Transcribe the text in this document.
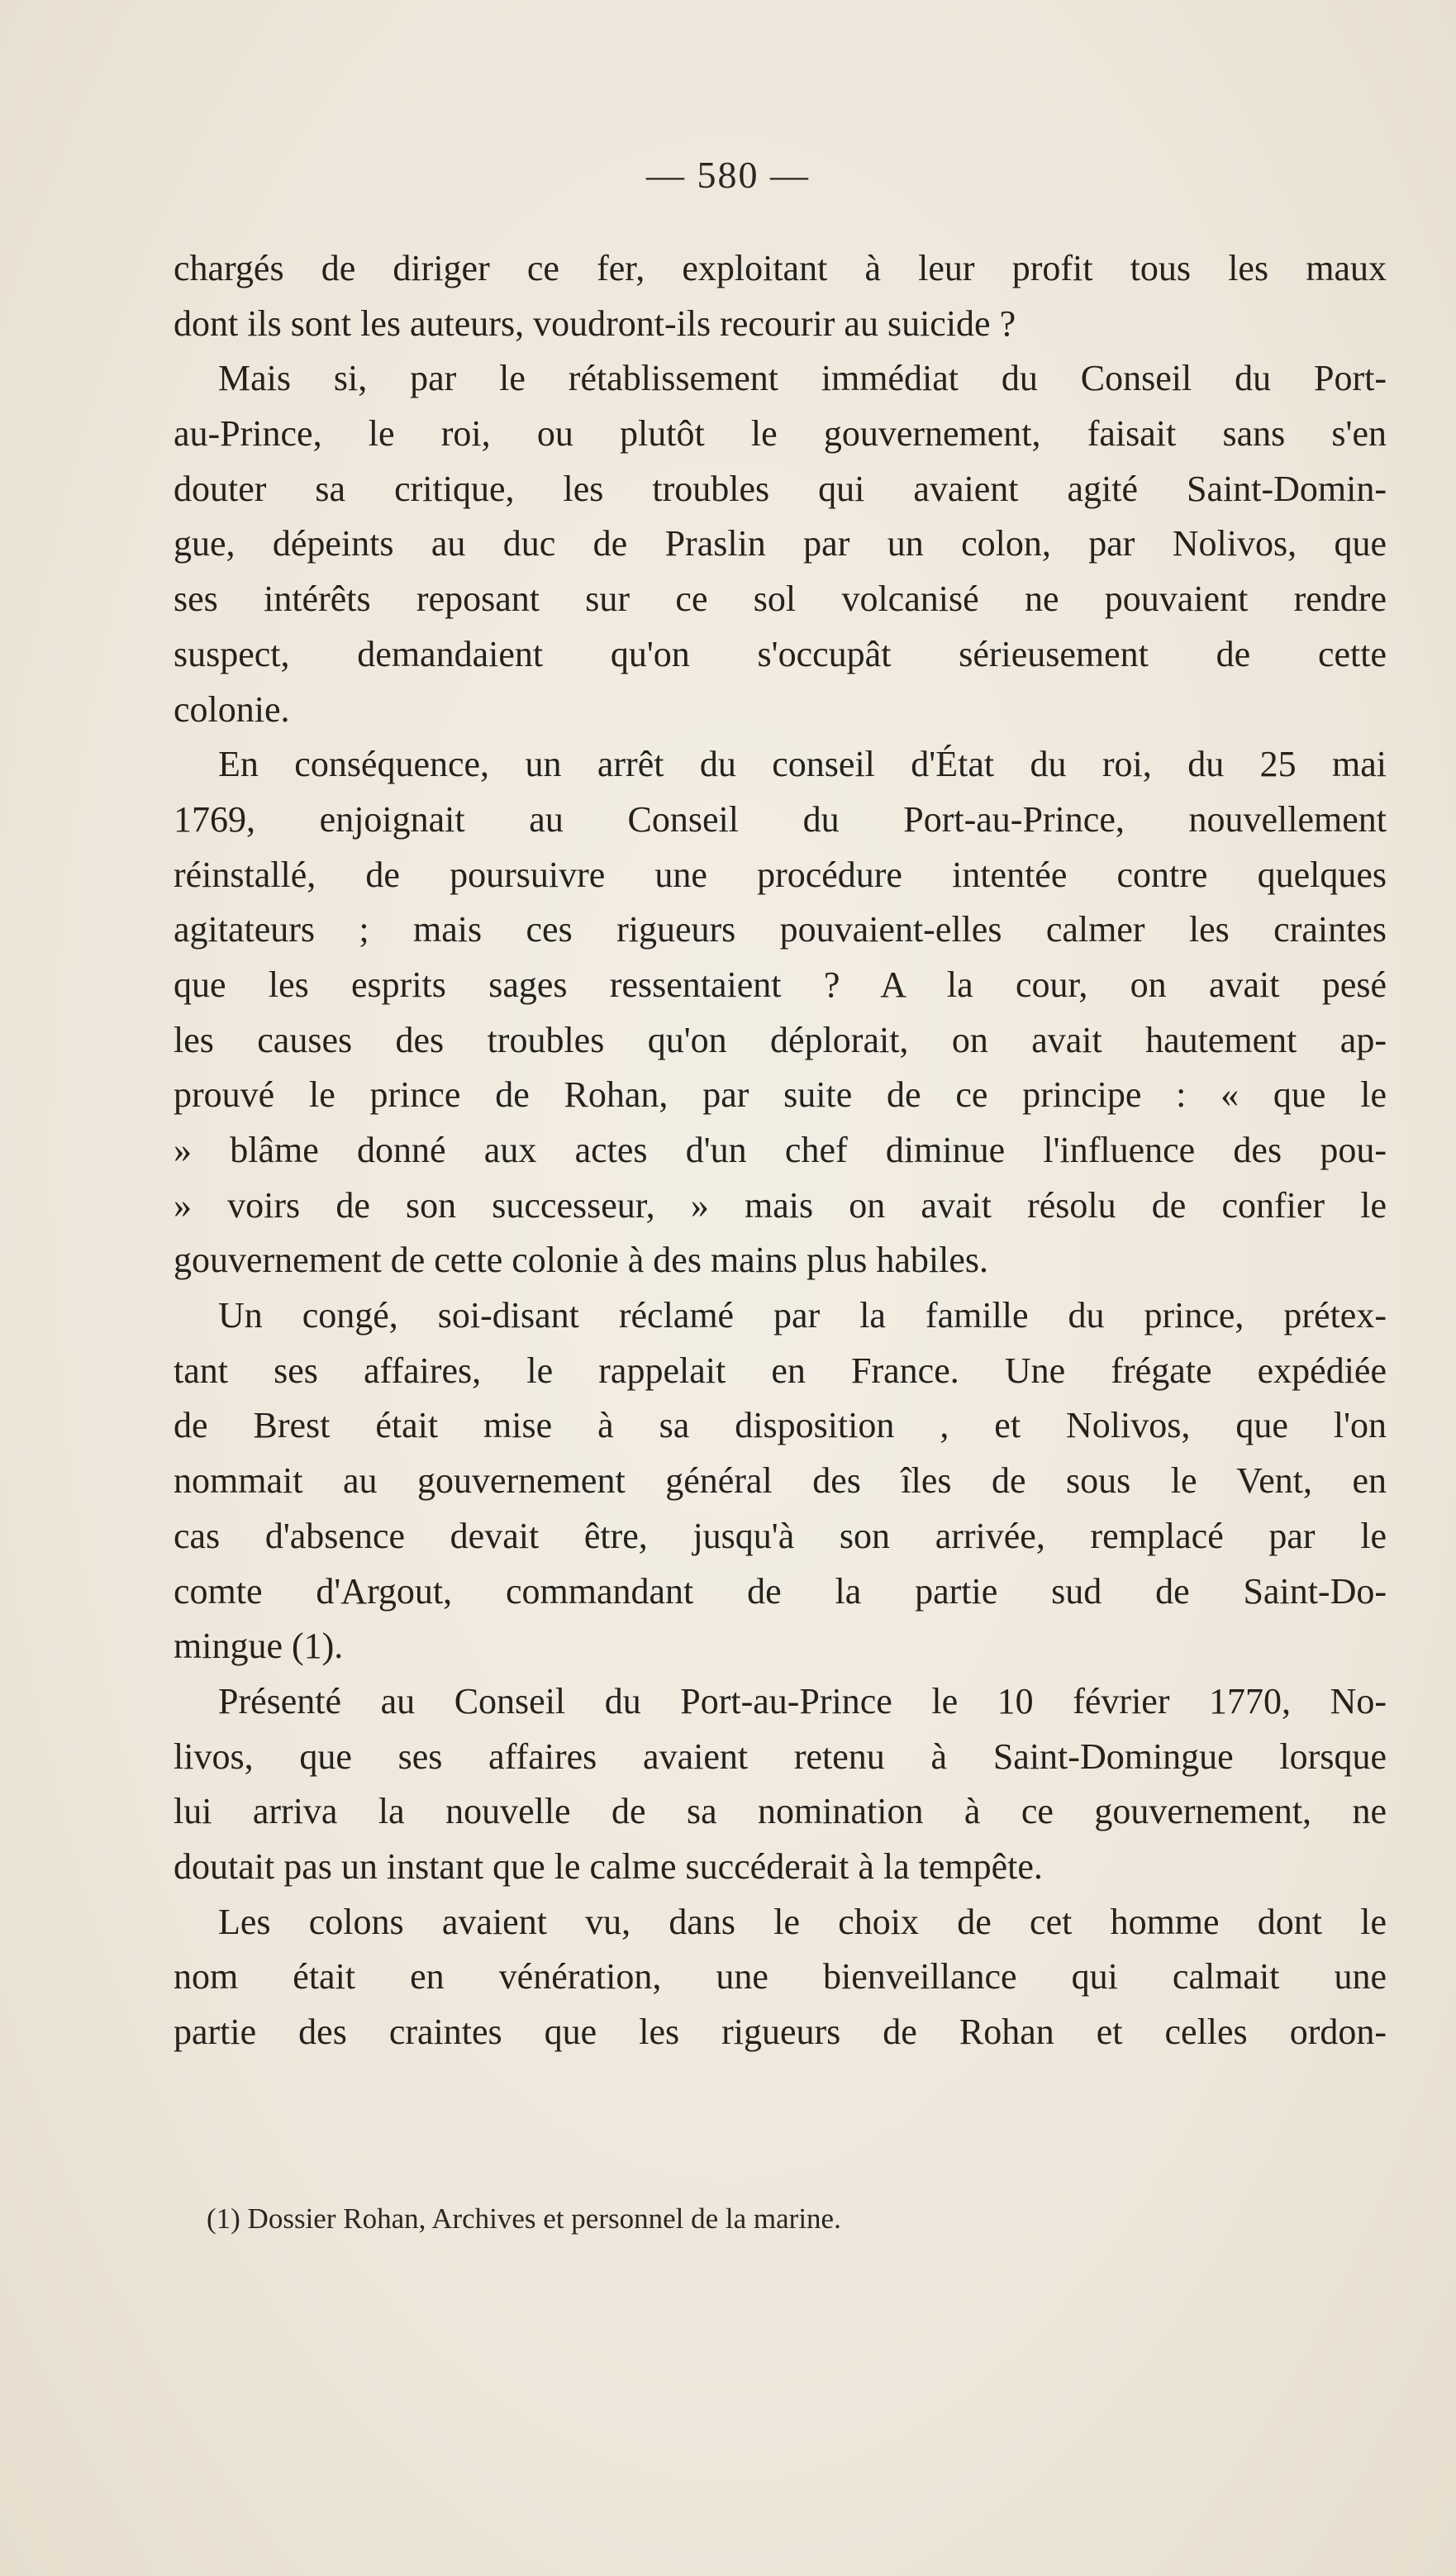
— 580 —
chargés de diriger ce fer, exploitant à leur profit tous les maux
dont ils sont les auteurs, voudront-ils recourir au suicide ?
Mais si, par le rétablissement immédiat du Conseil du Port-
au-Prince, le roi, ou plutôt le gouvernement, faisait sans s'en
douter sa critique, les troubles qui avaient agité Saint-Domin-
gue, dépeints au duc de Praslin par un colon, par Nolivos, que
ses intérêts reposant sur ce sol volcanisé ne pouvaient rendre
suspect, demandaient qu'on s'occupât sérieusement de cette
colonie.
En conséquence, un arrêt du conseil d'État du roi, du 25 mai
1769, enjoignait au Conseil du Port-au-Prince, nouvellement
réinstallé, de poursuivre une procédure intentée contre quelques
agitateurs ; mais ces rigueurs pouvaient-elles calmer les craintes
que les esprits sages ressentaient ? A la cour, on avait pesé
les causes des troubles qu'on déplorait, on avait hautement ap-
prouvé le prince de Rohan, par suite de ce principe : « que le
» blâme donné aux actes d'un chef diminue l'influence des pou-
» voirs de son successeur, » mais on avait résolu de confier le
gouvernement de cette colonie à des mains plus habiles.
Un congé, soi-disant réclamé par la famille du prince, prétex-
tant ses affaires, le rappelait en France. Une frégate expédiée
de Brest était mise à sa disposition , et Nolivos, que l'on
nommait au gouvernement général des îles de sous le Vent, en
cas d'absence devait être, jusqu'à son arrivée, remplacé par le
comte d'Argout, commandant de la partie sud de Saint-Do-
mingue (1).
Présenté au Conseil du Port-au-Prince le 10 février 1770, No-
livos, que ses affaires avaient retenu à Saint-Domingue lorsque
lui arriva la nouvelle de sa nomination à ce gouvernement, ne
doutait pas un instant que le calme succéderait à la tempête.
Les colons avaient vu, dans le choix de cet homme dont le
nom était en vénération, une bienveillance qui calmait une
partie des craintes que les rigueurs de Rohan et celles ordon-
(1) Dossier Rohan, Archives et personnel de la marine.
